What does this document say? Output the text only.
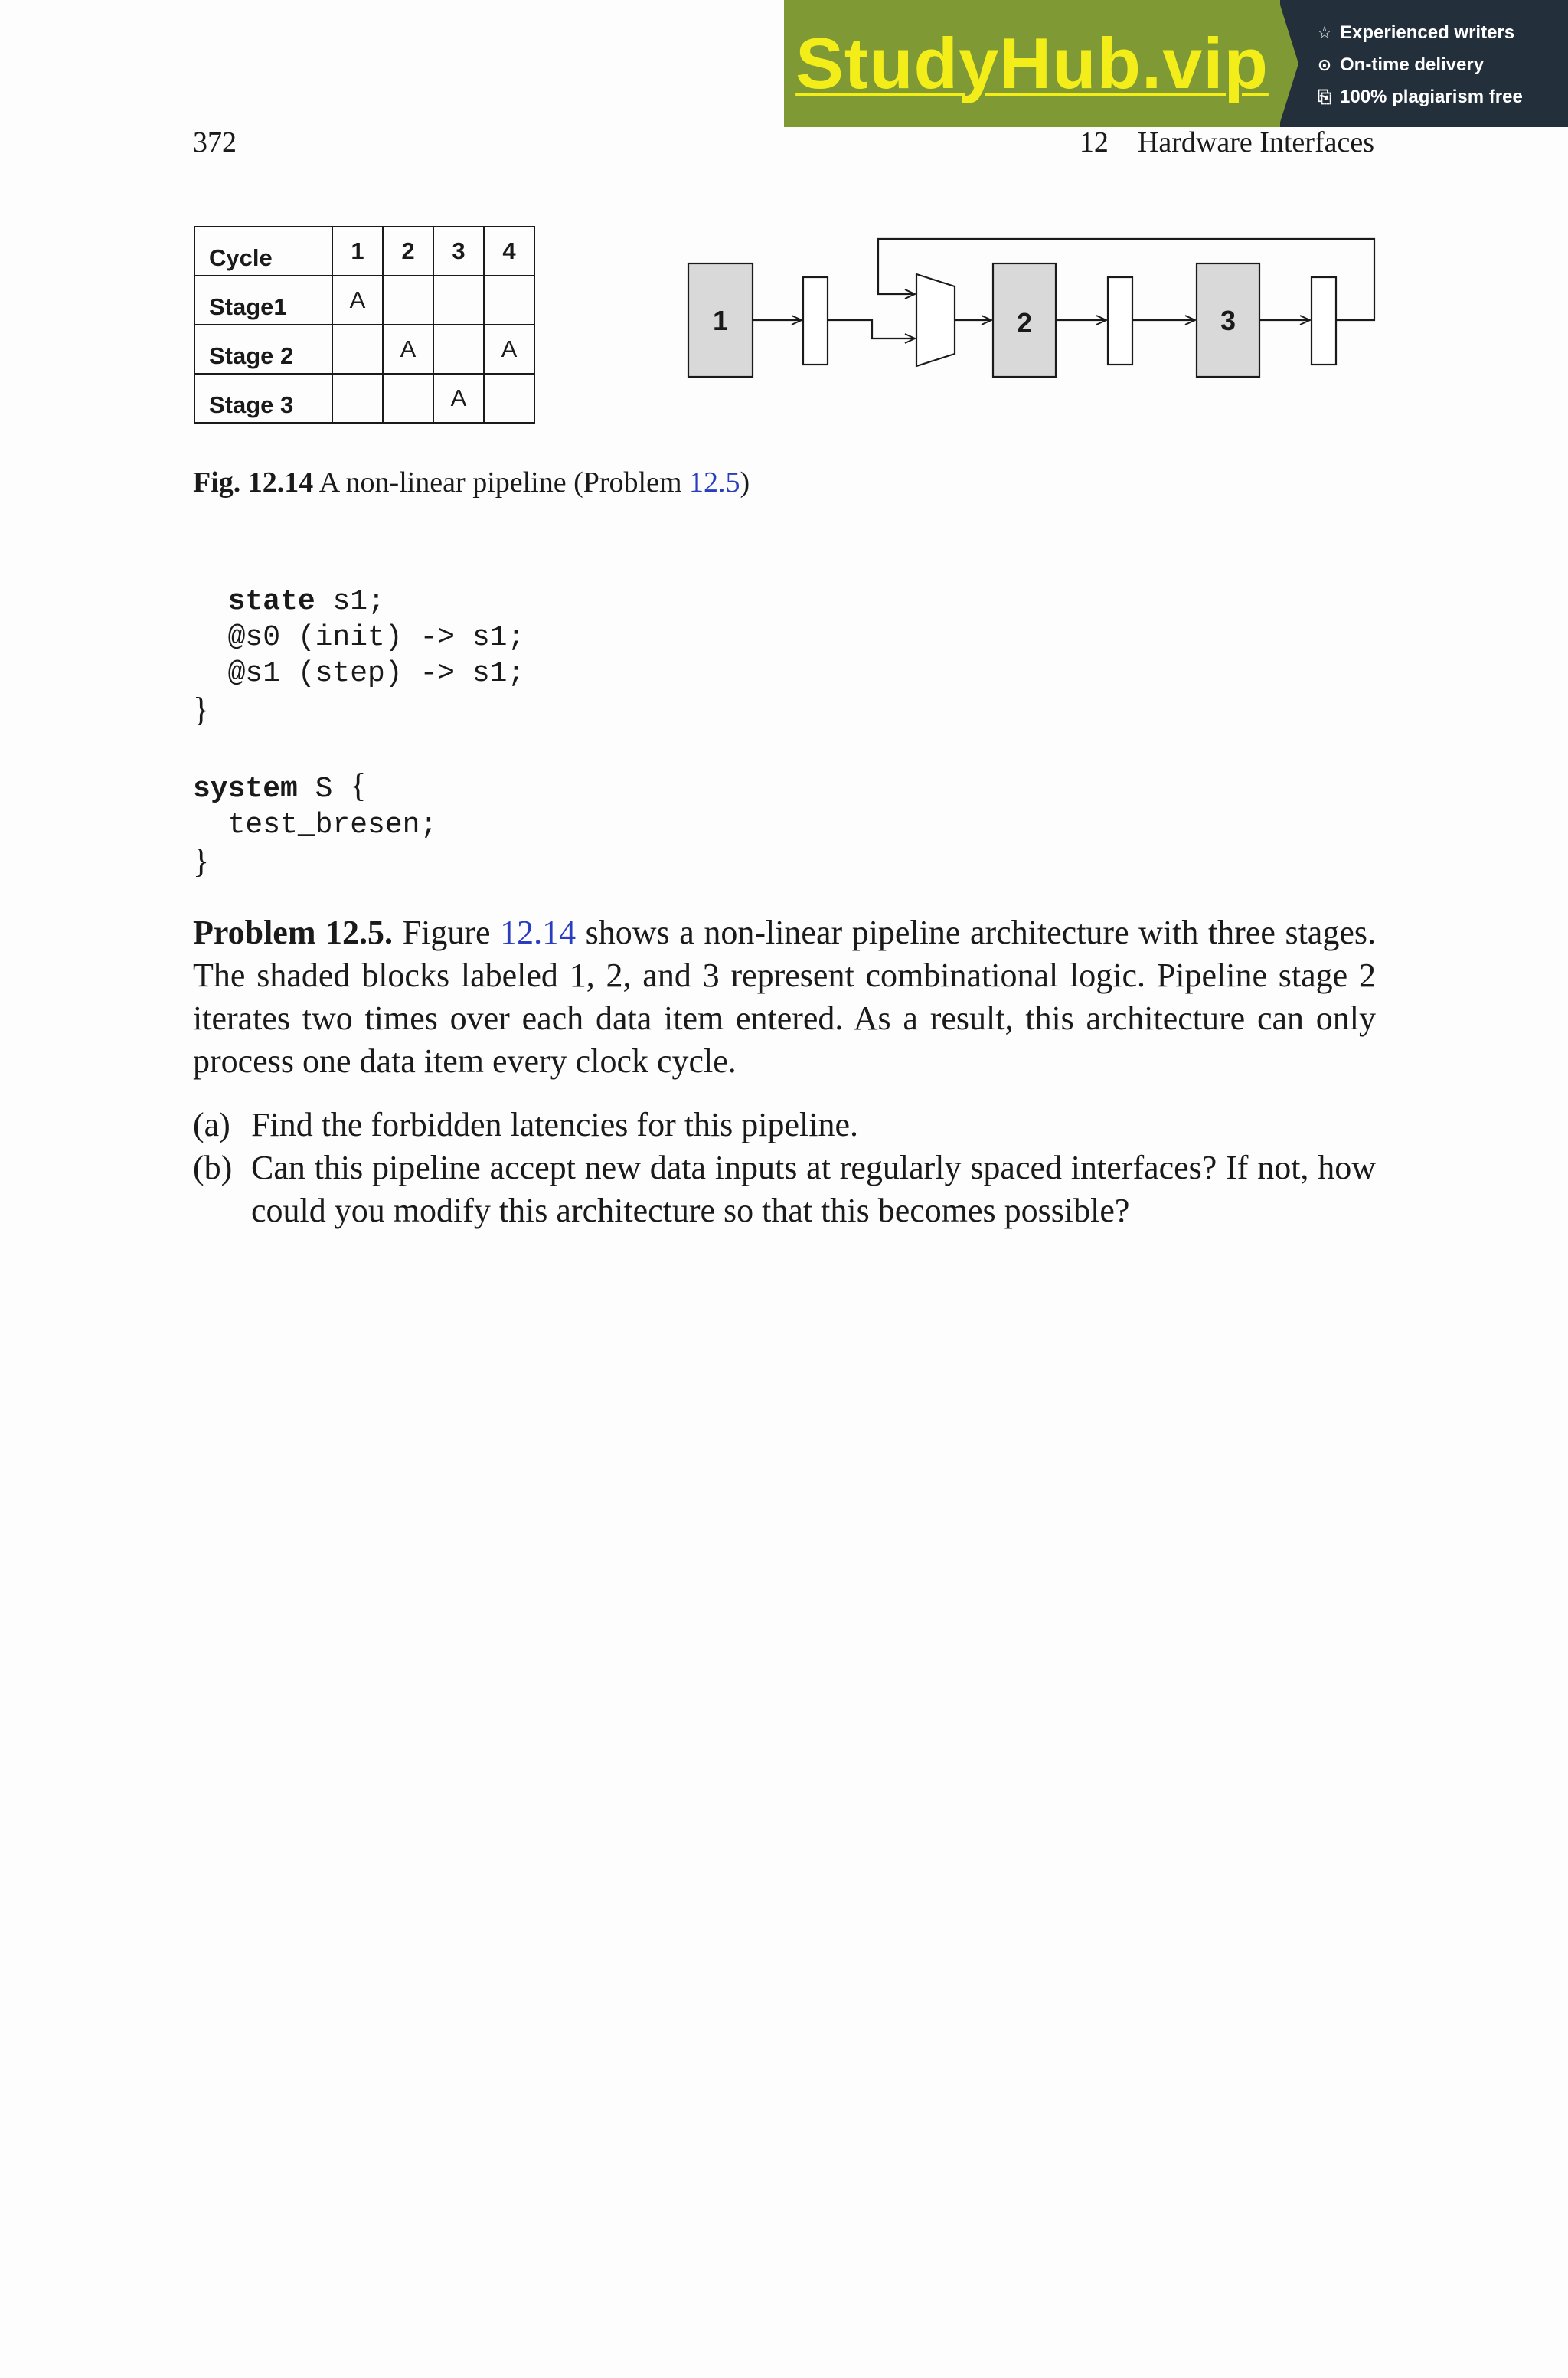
StudyHub.vip	☆ Experienced writers
⊙ On-time delivery
⎘ 100% plagiarism free
372	12 Hardware Interfaces
Cycle	1	2	3	4
Stage1	A			
Stage 2		A		A
Stage 3			A	
1	2	3
Fig. 12.14 A non-linear pipeline (Problem 12.5)
state s1;
@s0 (init) -> s1;
@s1 (step) -> s1;
}

system S {
test_bresen;
}

Problem 12.5. Figure 12.14 shows a non-linear pipeline architecture with three stages. The shaded blocks labeled 1, 2, and 3 represent combinational logic. Pipeline stage 2 iterates two times over each data item entered. As a result, this architecture can only process one data item every clock cycle.

(a) Find the forbidden latencies for this pipeline.
(b) Can this pipeline accept new data inputs at regularly spaced interfaces? If not, how could you modify this architecture so that this becomes possible?
